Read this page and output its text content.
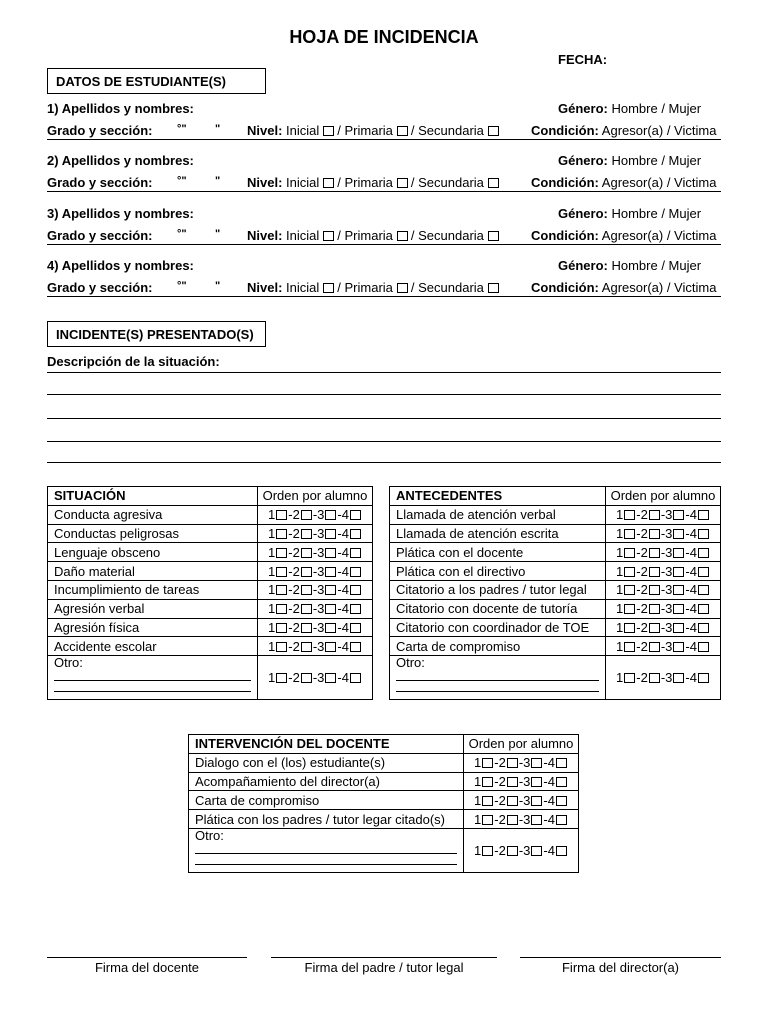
HOJA DE INCIDENCIA
FECHA:
DATOS DE ESTUDIANTE(S)
1) Apellidos y nombres:	Género: Hombre / Mujer
Grado y sección: °"	" Nivel: Inicial / Primaria / Secundaria	Condición: Agresor(a) / Victima
2) Apellidos y nombres:	Género: Hombre / Mujer
Grado y sección: °"	" Nivel: Inicial / Primaria / Secundaria	Condición: Agresor(a) / Victima
3) Apellidos y nombres:	Género: Hombre / Mujer
Grado y sección: °"	" Nivel: Inicial / Primaria / Secundaria	Condición: Agresor(a) / Victima
4) Apellidos y nombres:	Género: Hombre / Mujer
Grado y sección: °"	" Nivel: Inicial / Primaria / Secundaria	Condición: Agresor(a) / Victima
INCIDENTE(S) PRESENTADO(S)
Descripción de la situación:
SITUACIÓN	Orden por alumno
Conducta agresiva	1 -2 -3 -4
Conductas peligrosas	1 -2 -3 -4
Lenguaje obsceno	1 -2 -3 -4
Daño material	1 -2 -3 -4
Incumplimiento de tareas	1 -2 -3 -4
Agresión verbal	1 -2 -3 -4
Agresión física	1 -2 -3 -4
Accidente escolar	1 -2 -3 -4

Otro:	1 -2 -3 -4
ANTECEDENTES	Orden por alumno
Llamada de atención verbal	1 -2 -3 -4
Llamada de atención escrita	1 -2 -3 -4
Plática con el docente	1 -2 -3 -4
Plática con el directivo	1 -2 -3 -4
Citatorio a los padres / tutor legal	1 -2 -3 -4
Citatorio con docente de tutoría	1 -2 -3 -4
Citatorio con coordinador de TOE	1 -2 -3 -4
Carta de compromiso	1 -2 -3 -4

Otro:	1 -2 -3 -4
INTERVENCIÓN DEL DOCENTE	Orden por alumno
Dialogo con el (los) estudiante(s)	1 -2 -3 -4
Acompañamiento del director(a)	1 -2 -3 -4
Carta de compromiso	1 -2 -3 -4
Plática con los padres / tutor legar citado(s)	1 -2 -3 -4

Otro:	1 -2 -3 -4
Firma del docente	Firma del padre / tutor legal	Firma del director(a)
